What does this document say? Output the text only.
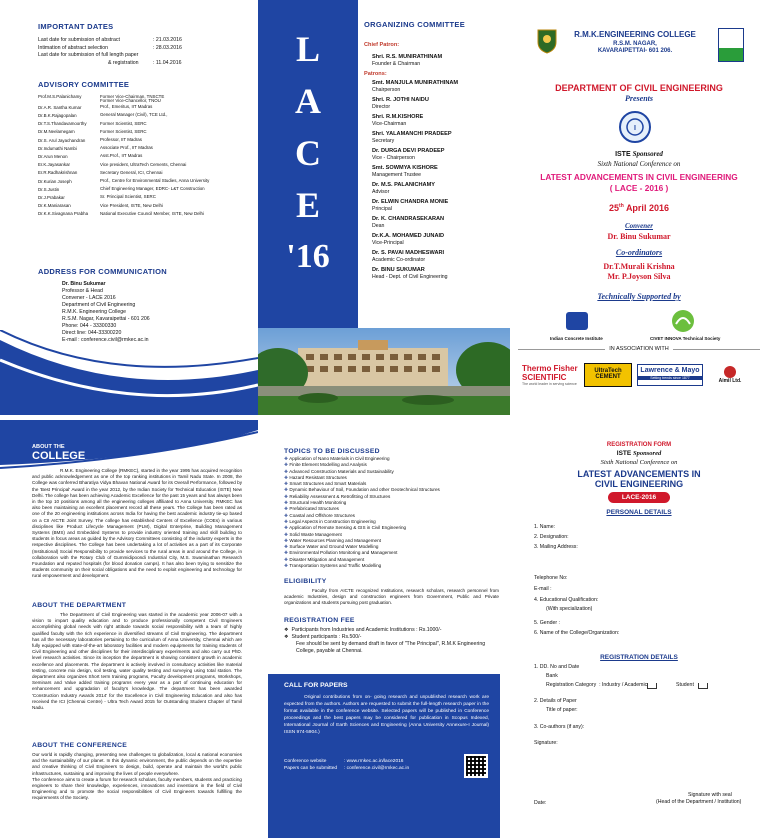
IMPORTANT DATES
Last date for submission of abstract	: 21.03.2016
Intimation of abstract selection	: 28.03.2016
Last date for submission of full length paper
& registration	: 11.04.2016
ADVISORY COMMITTEE
Prof.M.S.Palanichamy	Former Vice-Chairman, TNSCTE
Former Vice-Chancellor, TNOU
Dr.A.R. Santha Kumar	Prof., Emeritus, IIT Madras
Dr.B.K.Rajagopalan	General Manager (Civil), TCE Ltd.,
Dr.T.S.Thandavamoorthy	Former Scientist, SERC
Dr.M.Neelamegam	Former Scientist, SERC
Dr.S. Arul Jayachandran	Professor, IIT Madras
Dr.Indumathi Nambi	Associate Prof., IIT Madras
Dr.Arun Menon	Asst.Prof., IIT Madras
Er.K.Jayasankar	Vice president, UltraTech Cements, Chennai
Er.R.Radhakrishnan	Secretary General, ICI, Chennai
Dr.Kurian Joseph	Prof., Centre for Environmental Studies, Anna University
Dr.S.Justin	Chief Engineering Manager, EDRC- L&T Construction
Dr.J.Prabakar	Sr. Principal Scientist, SERC
Dr.K.Maniarasan	Vice President, ISTE, New Delhi
Dr.K.K.Sivagnana Prabha	National Executive Council Member, ISTE, New Delhi
ADDRESS FOR COMMUNICATION
Dr. Binu Sukumar
Professor & Head
Convener - LACE 2016
Department of Civil Engineering
R.M.K. Engineering College
R.S.M. Nagar, Kavaraipettai - 601 206
Phone: 044 - 33300330
Direct line: 044-33300220
E-mail : conference.civil@rmkec.ac.in
L
A
C
E
'16
ORGANIZING COMMITTEE
Chief Patron:
Shri. R.S. MUNIRATHINAM
Founder & Chairman
Patrons:
Smt. MANJULA MUNIRATHINAM
Chairperson
Shri. R. JOTHI NAIDU
Director
Shri. R.M.KISHORE
Vice-Chairman
Shri. YALAMANCHI PRADEEP
Secretary
Dr. DURGA DEVI PRADEEP
Vice - Chairperson
Smt. SOWMYA KISHORE
Management Trustee
Dr. M.S. PALANICHAMY
Advisor
Dr. ELWIN CHANDRA MONIE
Principal
Dr. K. CHANDRASEKARAN
Dean
Dr.K.A. MOHAMED JUNAID
Vice-Principal
Dr. S. PAVAI MADHESWARI
Academic Co-ordinator
Dr. BINU SUKUMAR
Head - Dept. of Civil Engineering
R.M.K.ENGINEERING COLLEGE
R.S.M. NAGAR,
KAVARAIPETTAI- 601 206.
DEPARTMENT OF CIVIL ENGINEERING
Presents
I
ISTE Sponsored
Sixth National Conference on
LATEST ADVANCEMENTS IN CIVIL ENGINEERING
( LACE - 2016 )
25th April 2016
Convener
Dr. Binu Sukumar
Co-ordinators
Dr.T.Murali Krishna
Mr. P.Joyson Silva
Technically Supported by
Indian Concrete Institute	CIVET INNOVA Technical Society
IN ASSOCIATION WITH
Thermo Fisher SCIENTIFIC
The world leader in serving science
UltraTech CEMENT
Lawrence & Mayo
Setting trends since 1877	Aimil Ltd.
ABOUT THE
COLLEGE
R.M.K. Engineering College (RMKEC), started in the year 1995 has acquired recognition and public acknowledgement as one of the top ranking institutions in Tamil Nadu State. In 2008, the College was conferred Bharatiya Vidya Bhavan National Award for its Overall Performance, followed by the 'Best Principal' Award in the year 2012, by the Indian Society for Technical Education (ISTE) New Delhi. The college has been achieving Academic Excellence for the past 15 years and has always been in the top 10 positions among all the engineering colleges affiliated to Anna University. RMKEC has also been maintaining an excellent placement record all these years. The College has been rated as one of the 20 engineering institutions across India for having the best academic industry tie-up based on a CII AICTE Joint Survey. The college has established Centers of Excellence (COEs) in various disciplines like Product Lifecycle Management (PLM), Digital Enterprise, Building Management Systems (BMS) and Embedded Systems to provide industry oriented training and skill building to students in focus areas as guided by the Advisory Committees consisting of the industry experts in the respective disciplines. The College has been undertaking a lot of activities as a part of its Corporate (Institutional) Social Responsibility to provide services to the rural areas in and around the College, in collaboration with the Rotary Club of Gummidipoondi Industrial City, M.S. Swaminathan Research Foundation and reputed hospitals (for blood donation camps). It has also been trying to sensitize the students community on their social obligations and the need to exploit engineering and technology for rural empowerment and development.
ABOUT THE DEPARTMENT
The Department of Civil Engineering was started in the academic year 2006-07 with a vision to impart quality education and to produce professionally competent Civil Engineers accomplishing global needs with right attitude towards social responsibility with a team of highly qualified faculty with the rich experience in diversified streams of Civil Engineering. The department has all the necessary laboratories pertaining to the curriculum of Anna University, Chennai which are fully equipped with state-of-the-art laboratory facilities and modern equipments for training students of Civil Engineering and other disciplines for their interdisciplinary experiments and also carry out PhD. level research activities. Since its inception the department is showing consistent growth in academic excellence and placements. The department is actively involved in consultancy activities like material testing, concrete mix design, soil testing, water quality testing and surveying using total station. The department also organizes Short term training programs, Faculty development programs, Workshops, Seminars and Value added training programs every year as a part of continuing education for enhancement and upgradation of faculty's knowledge. The department has been awarded 'Construction Industry Awards 2014' for the Excellence in Civil Engineering Education and also has received the ICI (Chennai Centre) - Ultra Tech Award 2015 for Outstanding Student Chapter of Tamil Nadu.
ABOUT THE CONFERENCE
Our world is rapidly changing, presenting new challenges to globalization, local & national economies and the sustainability of our planet. In this dynamic environment, the public depends on the expertise and creative thinking of Civil Engineers to design, build, operate and maintain the world's public infrastructures, sustaining and improving the lives of people everywhere.
The conference aims to create a forum for research scholars, faculty members, students and practicing engineers to share their knowledge, experiences, innovations and inventions in the field of Civil Engineering and to promote the social responsibilities of Civil Engineers towards fulfilling the requirements of the Society.
TOPICS TO BE DISCUSSED
❖ Application of Nano Materials in Civil Engineering
❖ Finite Element Modelling and Analysis
❖ Advanced Construction Materials and Sustainability
❖ Hazard Resistant Structures
❖ Smart Structures and Smart Materials
❖ Dynamic Behaviour of Soil, Foundation and other Geotechnical Structures
❖ Reliability Assessment & Retrofitting of Structures
❖ Structural Health Monitoring
❖ Prefabricated Structures
❖ Coastal and Offshore Structures
❖ Legal Aspects in Construction Engineering
❖ Application of Remote Sensing & GIS in Civil Engineering
❖ Solid Waste Management
❖ Water Resources Planning and Management
❖ Surface Water and Ground Water Modelling
❖ Environmental Pollution Monitoring and Management
❖ Disaster Mitigation and Management
❖ Transportation Systems and Traffic Modelling
ELIGIBILITY
Faculty from AICTE recognized Institutions, research scholars, research personnel from academic Industries, design and construction engineers from Government, Public and Private organizations and students pursuing post graduation.
REGISTRATION FEE
❖  Participants from Industries and Academic Institutions : Rs.1000/-
❖  Student participants : Rs.500/-
Fee should be sent by demand draft in favor of "The Principal", R.M.K Engineering College, payable at Chennai.
CALL FOR PAPERS
Original contributions from on- going research and unpublished research work are expected from the authors. Authors are requested to submit the full-length research paper in the format available in the conference website. Selected papers will be published in Conference proceedings and the best papers may be considered for publication in Scopus Indexed, International Journal of Earth Sciences and Engineering (Anna University Annexure-I Journal) ISSN 974-5904.)
Conference website	: www.rmkec.ac.in/lace2016
Papers can be submitted : conference.civil@rmkec.ac.in
REGISTRATION FORM
ISTE Sponsored
Sixth National Conference on
LATEST ADVANCEMENTS IN
CIVIL ENGINEERING
LACE-2016
PERSONAL DETAILS
1. Name:
2. Designation:
3. Mailing Address:
Telephone No:
E-mail :
4. Educational Qualification:
(With specialization)
5. Gender :
6. Name of the College/Organization:
REGISTRATION DETAILS
1. DD. No and Date
Bank
Registration Category : Industry / Academic	Student
2. Details of Paper
Title of paper:
3. Co-authors (if any):
Signature:
Signature with seal
(Head of the Department / Institution)
Date:
